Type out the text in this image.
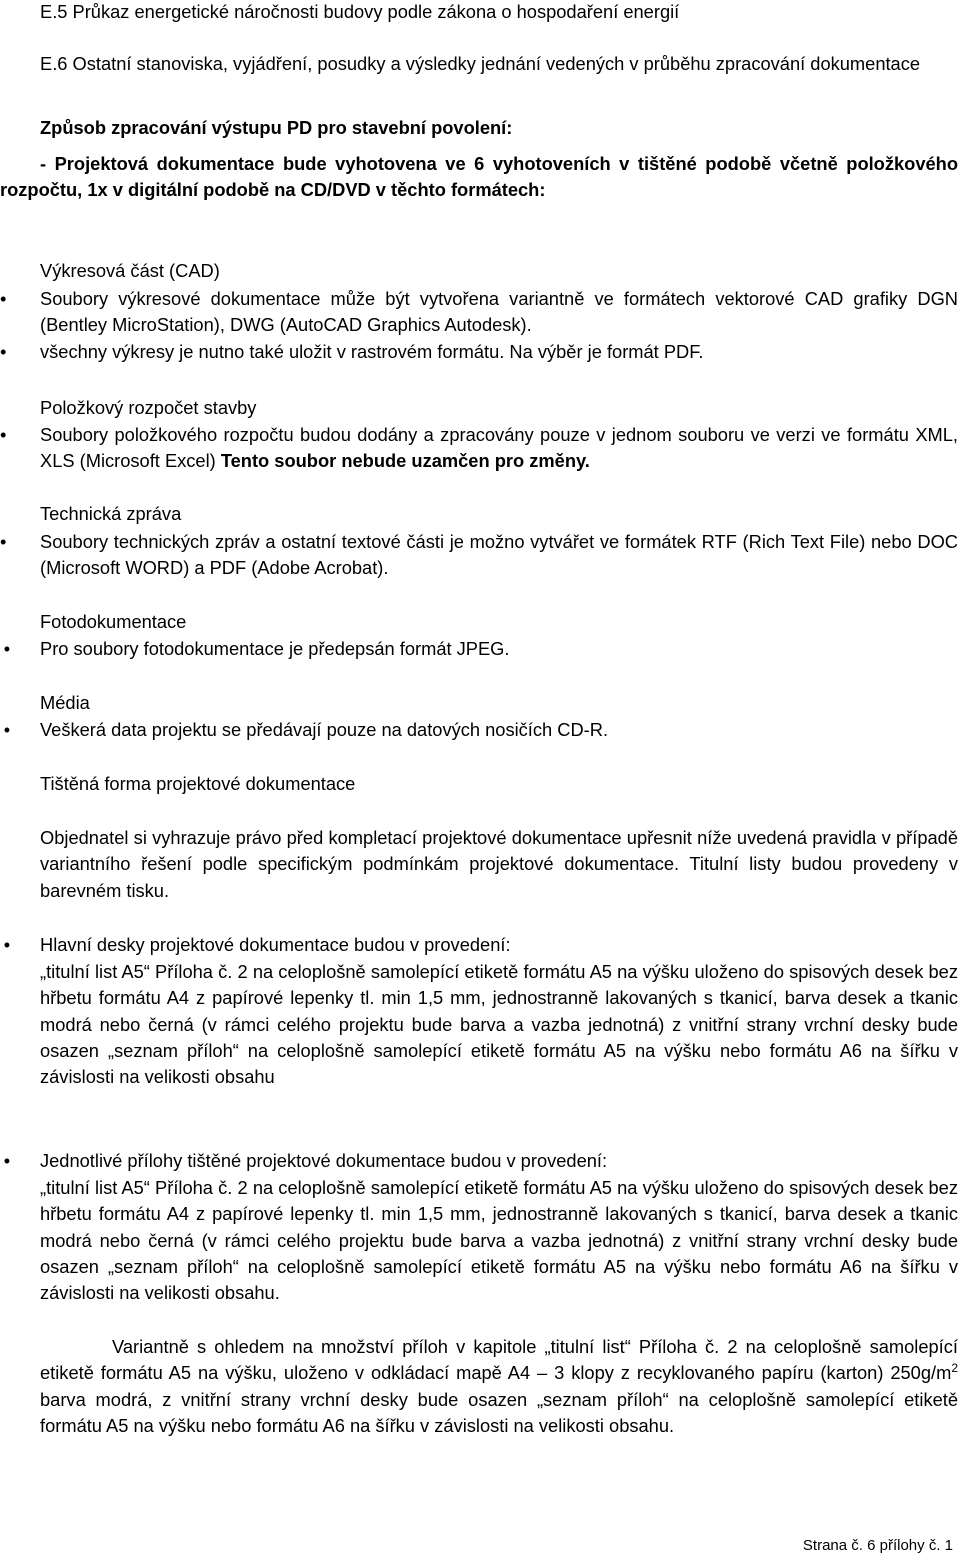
E.5 Průkaz energetické náročnosti budovy podle zákona o hospodaření energií
E.6 Ostatní stanoviska, vyjádření, posudky a výsledky jednání vedených v průběhu zpracování dokumentace
Způsob zpracování výstupu PD pro stavební povolení:
- Projektová dokumentace bude vyhotovena ve 6 vyhotoveních v tištěné podobě včetně položkového rozpočtu, 1x v digitální podobě na CD/DVD v těchto formátech:
Výkresová část (CAD)
•	Soubory výkresové dokumentace může být vytvořena variantně ve formátech vektorové CAD grafiky DGN (Bentley MicroStation), DWG (AutoCAD Graphics Autodesk).
•	všechny výkresy je nutno také uložit v rastrovém formátu. Na výběr je formát PDF.
Položkový rozpočet stavby
•	Soubory položkového rozpočtu budou dodány a zpracovány pouze v jednom souboru ve verzi ve formátu XML, XLS (Microsoft Excel) Tento soubor nebude uzamčen pro změny.
Technická zpráva
•	Soubory technických zpráv a ostatní textové části je možno vytvářet ve formátek RTF (Rich Text File) nebo DOC (Microsoft WORD) a PDF (Adobe Acrobat).
Fotodokumentace
• Pro soubory fotodokumentace je předepsán formát JPEG.
Média
• Veškerá data projektu se předávají pouze na datových nosičích CD-R.
Tištěná forma projektové dokumentace
Objednatel si vyhrazuje právo před kompletací projektové dokumentace upřesnit níže uvedená pravidla v případě variantního řešení podle specifickým podmínkám projektové dokumentace. Titulní listy budou provedeny v barevném tisku.
• Hlavní desky projektové dokumentace budou v provedení:
„titulní list A5“ Příloha č. 2 na celoplošně samolepící etiketě formátu A5 na výšku uloženo do spisových desek bez hřbetu formátu A4 z papírové lepenky tl. min 1,5 mm, jednostranně lakovaných s tkanicí, barva desek a tkanic modrá nebo černá (v rámci celého projektu bude barva a vazba jednotná) z vnitřní strany vrchní desky bude osazen „seznam příloh“ na celoplošně samolepící etiketě formátu A5 na výšku nebo formátu A6 na šířku v závislosti na velikosti obsahu
• Jednotlivé přílohy tištěné projektové dokumentace budou v provedení:
„titulní list A5“ Příloha č. 2 na celoplošně samolepící etiketě formátu A5 na výšku uloženo do spisových desek bez hřbetu formátu A4 z papírové lepenky tl. min 1,5 mm, jednostranně lakovaných s tkanicí, barva desek a tkanic modrá nebo černá (v rámci celého projektu bude barva a vazba jednotná) z vnitřní strany vrchní desky bude osazen „seznam příloh“ na celoplošně samolepící etiketě formátu A5 na výšku nebo formátu A6 na šířku v závislosti na velikosti obsahu.
Variantně s ohledem na množství příloh v kapitole „titulní list“ Příloha č. 2 na celoplošně samolepící etiketě formátu A5 na výšku, uloženo v odkládací mapě A4 – 3 klopy z recyklovaného papíru (karton) $250g/m^2$ barva modrá, z vnitřní strany vrchní desky bude osazen „seznam příloh“ na celoplošně samolepící etiketě formátu A5 na výšku nebo formátu A6 na šířku v závislosti na velikosti obsahu.
Strana č. 6 přílohy č. 1
